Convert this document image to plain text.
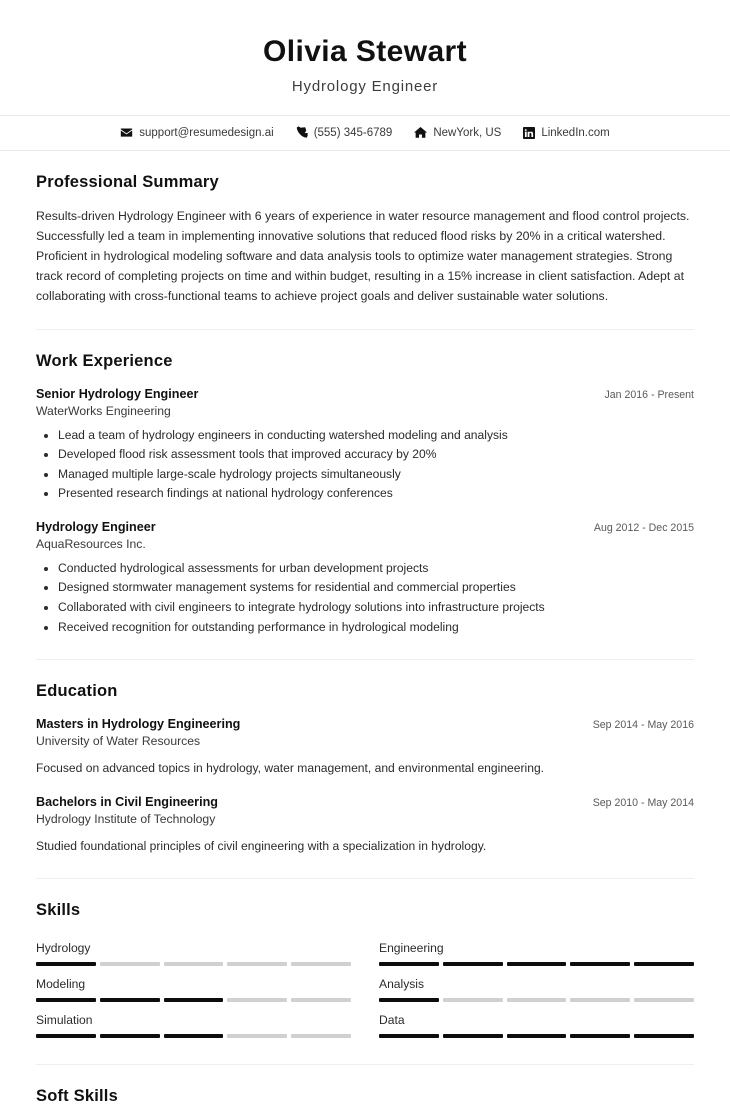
Olivia Stewart
Hydrology Engineer
support@resumedesign.ai	(555) 345-6789	NewYork, US	LinkedIn.com
Professional Summary

Results-driven Hydrology Engineer with 6 years of experience in water resource management and flood control projects. Successfully led a team in implementing innovative solutions that reduced flood risks by 20% in a critical watershed. Proficient in hydrological modeling software and data analysis tools to optimize water management strategies. Strong track record of completing projects on time and within budget, resulting in a 15% increase in client satisfaction. Adept at collaborating with cross-functional teams to achieve project goals and deliver sustainable water solutions.

Work Experience
Senior Hydrology Engineer	Jan 2016 - Present
WaterWorks Engineering
• Lead a team of hydrology engineers in conducting watershed modeling and analysis
• Developed flood risk assessment tools that improved accuracy by 20%
• Managed multiple large-scale hydrology projects simultaneously
• Presented research findings at national hydrology conferences
Hydrology Engineer	Aug 2012 - Dec 2015
AquaResources Inc.
• Conducted hydrological assessments for urban development projects
• Designed stormwater management systems for residential and commercial properties
• Collaborated with civil engineers to integrate hydrology solutions into infrastructure projects
• Received recognition for outstanding performance in hydrological modeling
Education
Masters in Hydrology Engineering	Sep 2014 - May 2016
University of Water Resources
Focused on advanced topics in hydrology, water management, and environmental engineering.
Bachelors in Civil Engineering	Sep 2010 - May 2014
Hydrology Institute of Technology
Studied foundational principles of civil engineering with a specialization in hydrology.
Skills
Hydrology	Engineering
Modeling	Analysis
Simulation	Data
Soft Skills
